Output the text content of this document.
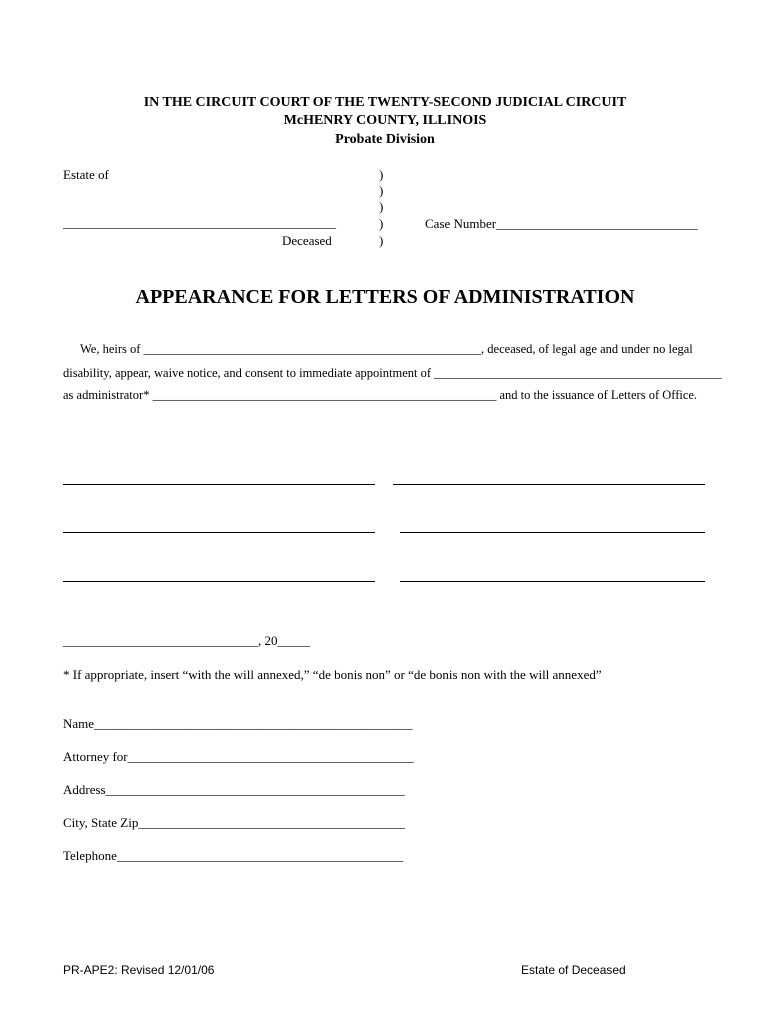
IN THE CIRCUIT COURT OF THE TWENTY-SECOND JUDICIAL CIRCUIT
McHENRY COUNTY, ILLINOIS
Probate Division
Estate of
__________________________________________
Deceased
)
)
)
)
)
Case Number_______________________________
APPEARANCE FOR LETTERS OF ADMINISTRATION
We, heirs of ______________________________________________________, deceased, of legal age and under no legal
disability, appear, waive notice, and consent to immediate appointment of ______________________________________________
as administrator* _______________________________________________________ and to the issuance of Letters of Office.
______________________________, 20_____
* If appropriate, insert “with the will annexed,” “de bonis non” or “de bonis non with the will annexed”
Name_________________________________________________
Attorney for____________________________________________
Address______________________________________________
City, State Zip_________________________________________
Telephone____________________________________________
PR-APE2: Revised 12/01/06	Estate of Deceased
